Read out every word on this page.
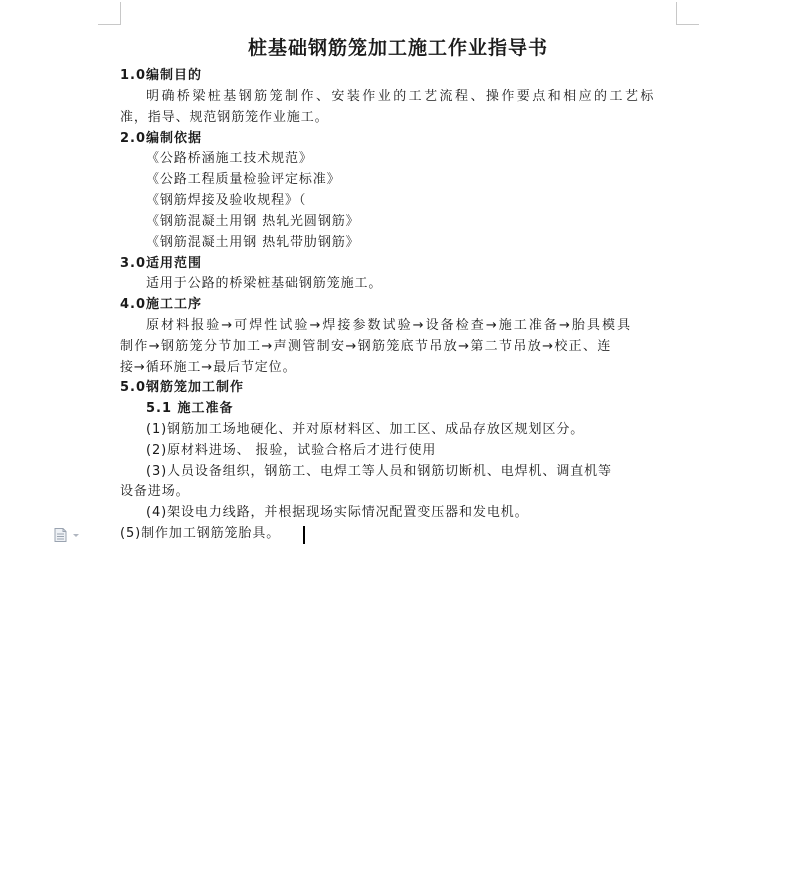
桩基础钢筋笼加工施工作业指导书
1.0编制目的
明确桥梁桩基钢筋笼制作、安装作业的工艺流程、操作要点和相应的工艺标
准，指导、规范钢筋笼作业施工。
2.0编制依据
《公路桥涵施工技术规范》
《公路工程质量检验评定标准》
《钢筋焊接及验收规程》（
《钢筋混凝土用钢 热轧光圆钢筋》
《钢筋混凝土用钢 热轧带肋钢筋》
3.0适用范围
适用于公路的桥梁桩基础钢筋笼施工。
4.0施工工序
原材料报验→可焊性试验→焊接参数试验→设备检查→施工准备→胎具模具
制作→钢筋笼分节加工→声测管制安→钢筋笼底节吊放→第二节吊放→校正、连
接→循环施工→最后节定位。
5.0钢筋笼加工制作
5.1 施工准备
(1)钢筋加工场地硬化、并对原材料区、加工区、成品存放区规划区分。
(2)原材料进场、 报验，试验合格后才进行使用
(3)人员设备组织，钢筋工、电焊工等人员和钢筋切断机、电焊机、调直机等
设备进场。
(4)架设电力线路，并根据现场实际情况配置变压器和发电机。
(5)制作加工钢筋笼胎具。
